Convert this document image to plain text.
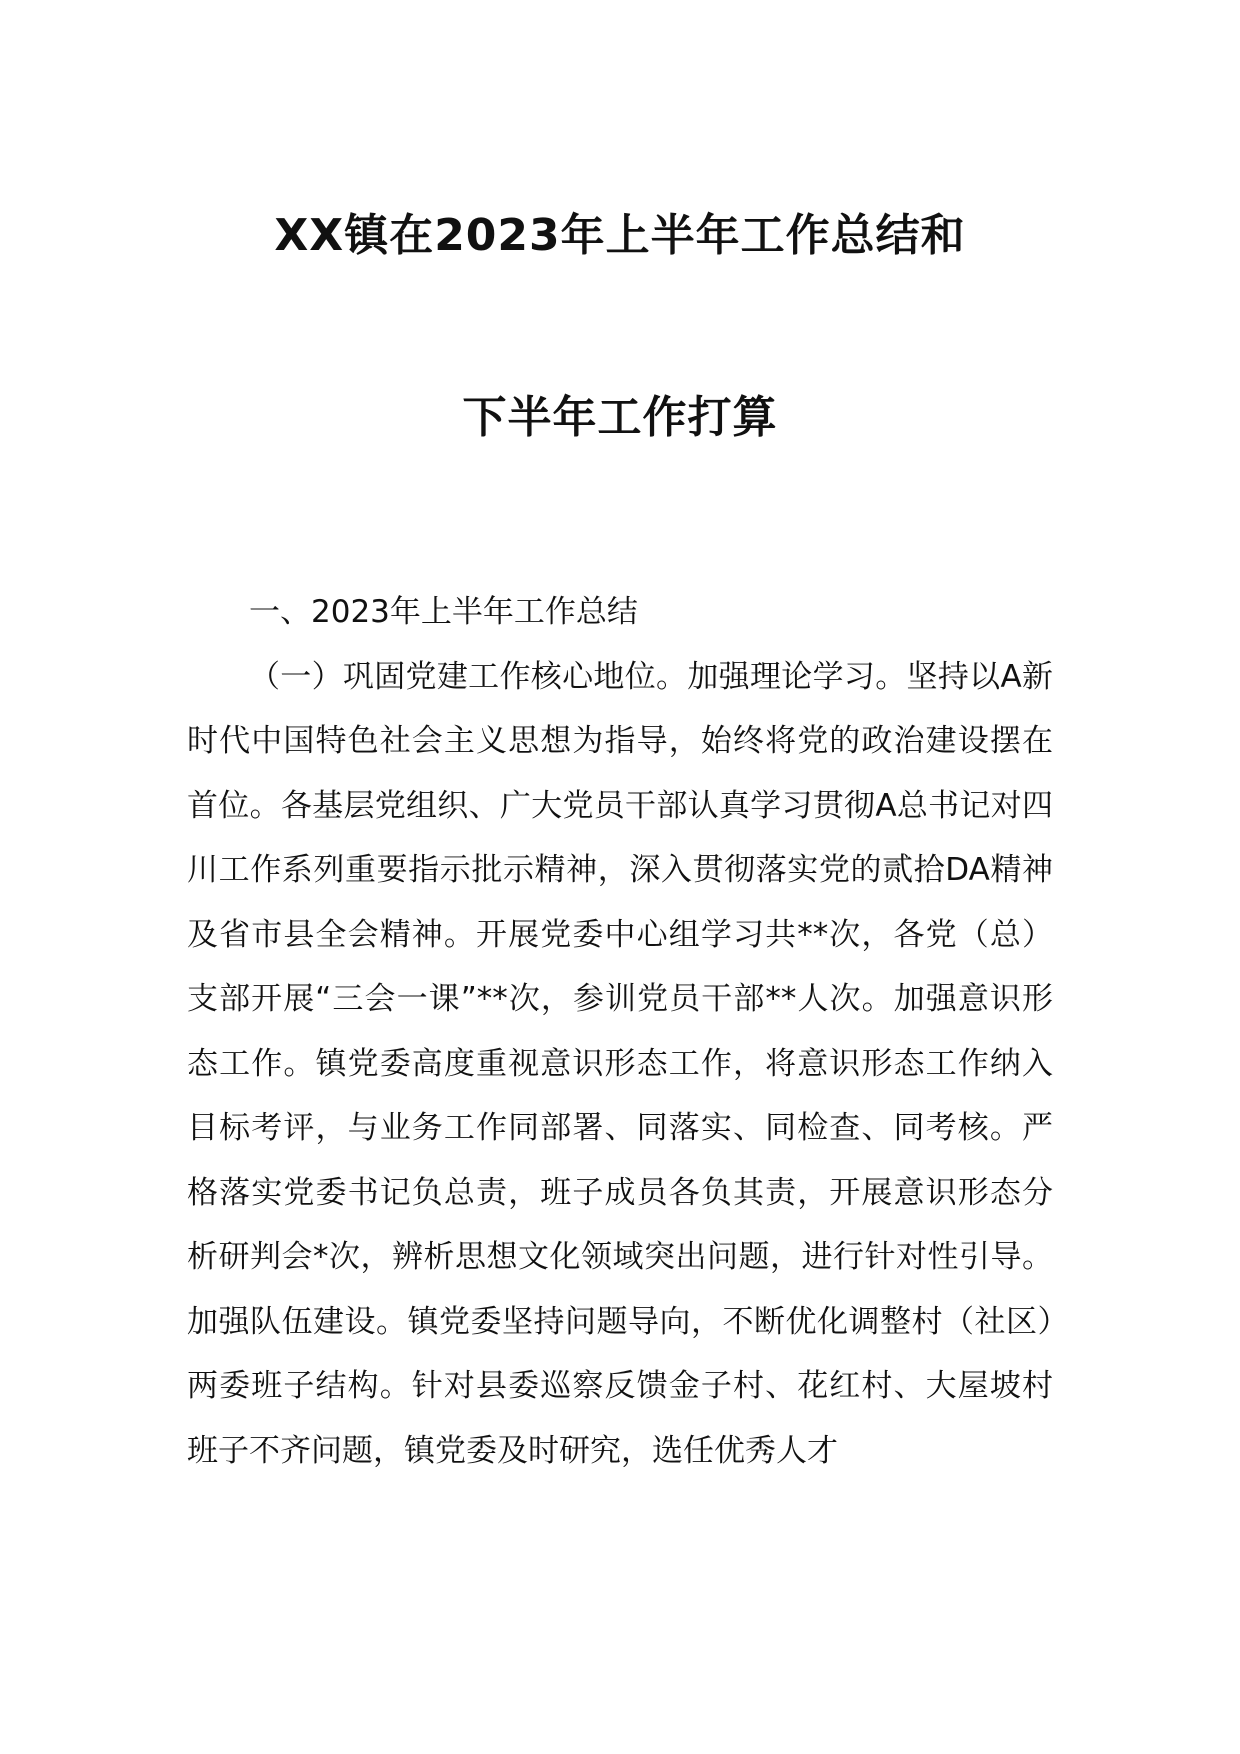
XX镇在2023年上半年工作总结和
下半年工作打算

一、2023年上半年工作总结

（一）巩固党建工作核心地位。加强理论学习。坚持以A新时代中国特色社会主义思想为指导，始终将党的政治建设摆在首位。各基层党组织、广大党员干部认真学习贯彻A总书记对四川工作系列重要指示批示精神，深入贯彻落实党的贰拾DA精神及省市县全会精神。开展党委中心组学习共**次，各党（总）支部开展“三会一课”**次，参训党员干部**人次。加强意识形态工作。镇党委高度重视意识形态工作，将意识形态工作纳入目标考评，与业务工作同部署、同落实、同检查、同考核。严格落实党委书记负总责，班子成员各负其责，开展意识形态分析研判会*次，辨析思想文化领域突出问题，进行针对性引导。加强队伍建设。镇党委坚持问题导向，不断优化调整村（社区）两委班子结构。针对县委巡察反馈金子村、花红村、大屋坡村班子不齐问题，镇党委及时研究，选任优秀人才
